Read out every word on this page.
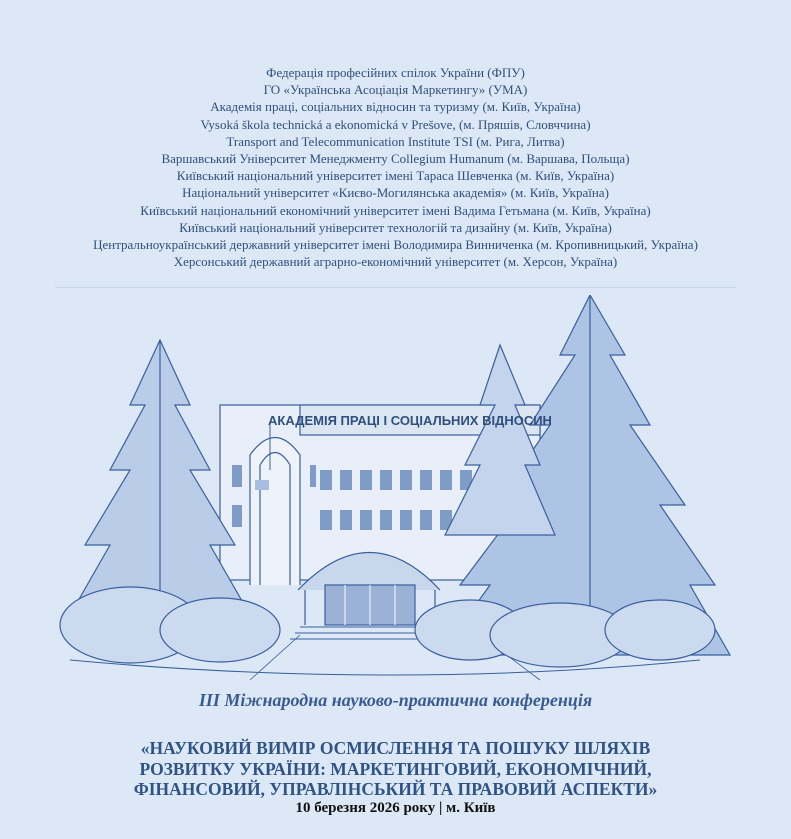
Федерація професійних спілок України (ФПУ)
ГО «Українська Асоціація Маркетингу» (УМА)
Академія праці, соціальних відносин та туризму (м. Київ, Україна)
Vysoká škola technická a ekonomická v Prešove, (м. Пряшів, Словччина)
Transport and Telecommunication Institute TSI (м. Рига, Литва)
Варшавський Університет Менеджменту Collegium Humanum (м. Варшава, Польща)
Київський національний університет імені Тараса Шевченка (м. Київ, Україна)
Національний університет «Києво-Могилянська академія» (м. Київ, Україна)
Київський національний економічний університет імені Вадима Гетьмана (м. Київ, Україна)
Київський національний університет технологій та дизайну (м. Київ, Україна)
Центральноукраїнський державний університет імені Володимира Винниченка (м. Кропивницький, Україна)
Херсонський державний аграрно-економічний університет (м. Херсон, Україна)
АКАДЕМІЯ ПРАЦІ І СОЦІАЛЬНИХ ВІДНОСИН
ІІІ Міжнародна науково-практична конференція
«НАУКОВИЙ ВИМІР ОСМИСЛЕННЯ ТА ПОШУКУ ШЛЯХІВ
РОЗВИТКУ УКРАЇНИ: МАРКЕТИНГОВИЙ, ЕКОНОМІЧНИЙ,
ФІНАНСОВИЙ, УПРАВЛІНСЬКИЙ ТА ПРАВОВИЙ АСПЕКТИ»
10 березня 2026 року | м. Київ
